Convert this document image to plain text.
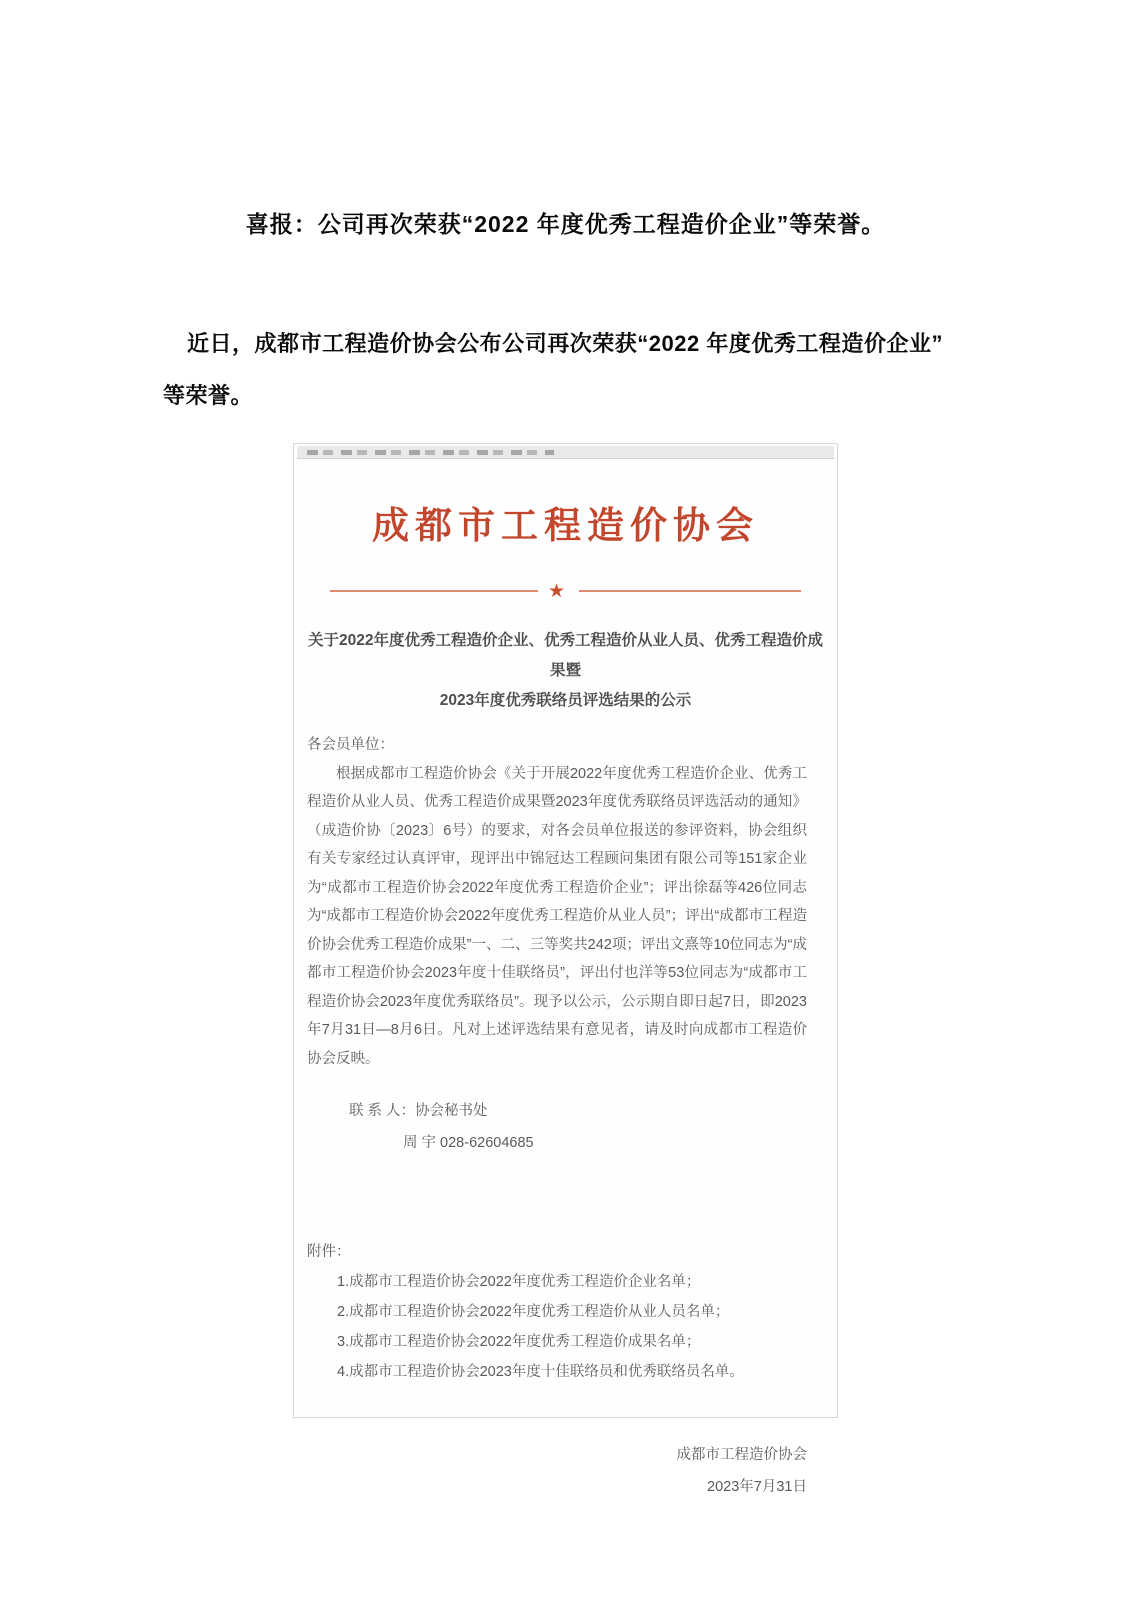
喜报：公司再次荣获“2022 年度优秀工程造价企业”等荣誉。

近日，成都市工程造价协会公布公司再次荣获“2022 年度优秀工程造价企业”等荣誉。

成都市工程造价协会
★
关于2022年度优秀工程造价企业、优秀工程造价从业人员、优秀工程造价成果暨
2023年度优秀联络员评选结果的公示
各会员单位：
根据成都市工程造价协会《关于开展2022年度优秀工程造价企业、优秀工程造价从业人员、优秀工程造价成果暨2023年度优秀联络员评选活动的通知》（成造价协〔2023〕6号）的要求，对各会员单位报送的参评资料，协会组织有关专家经过认真评审，现评出中锦冠达工程顾问集团有限公司等151家企业为“成都市工程造价协会2022年度优秀工程造价企业”；评出徐磊等426位同志为“成都市工程造价协会2022年度优秀工程造价从业人员”；评出“成都市工程造价协会优秀工程造价成果”一、二、三等奖共242项；评出文熹等10位同志为“成都市工程造价协会2023年度十佳联络员”，评出付也洋等53位同志为“成都市工程造价协会2023年度优秀联络员”。现予以公示，公示期自即日起7日，即2023年7月31日—8月6日。凡对上述评选结果有意见者，请及时向成都市工程造价协会反映。
联 系 人：协会秘书处
周 宇 028-62604685
附件：
1.成都市工程造价协会2022年度优秀工程造价企业名单；
2.成都市工程造价协会2022年度优秀工程造价从业人员名单；
3.成都市工程造价协会2022年度优秀工程造价成果名单；
4.成都市工程造价协会2023年度十佳联络员和优秀联络员名单。
成都市工程造价协会
2023年7月31日
